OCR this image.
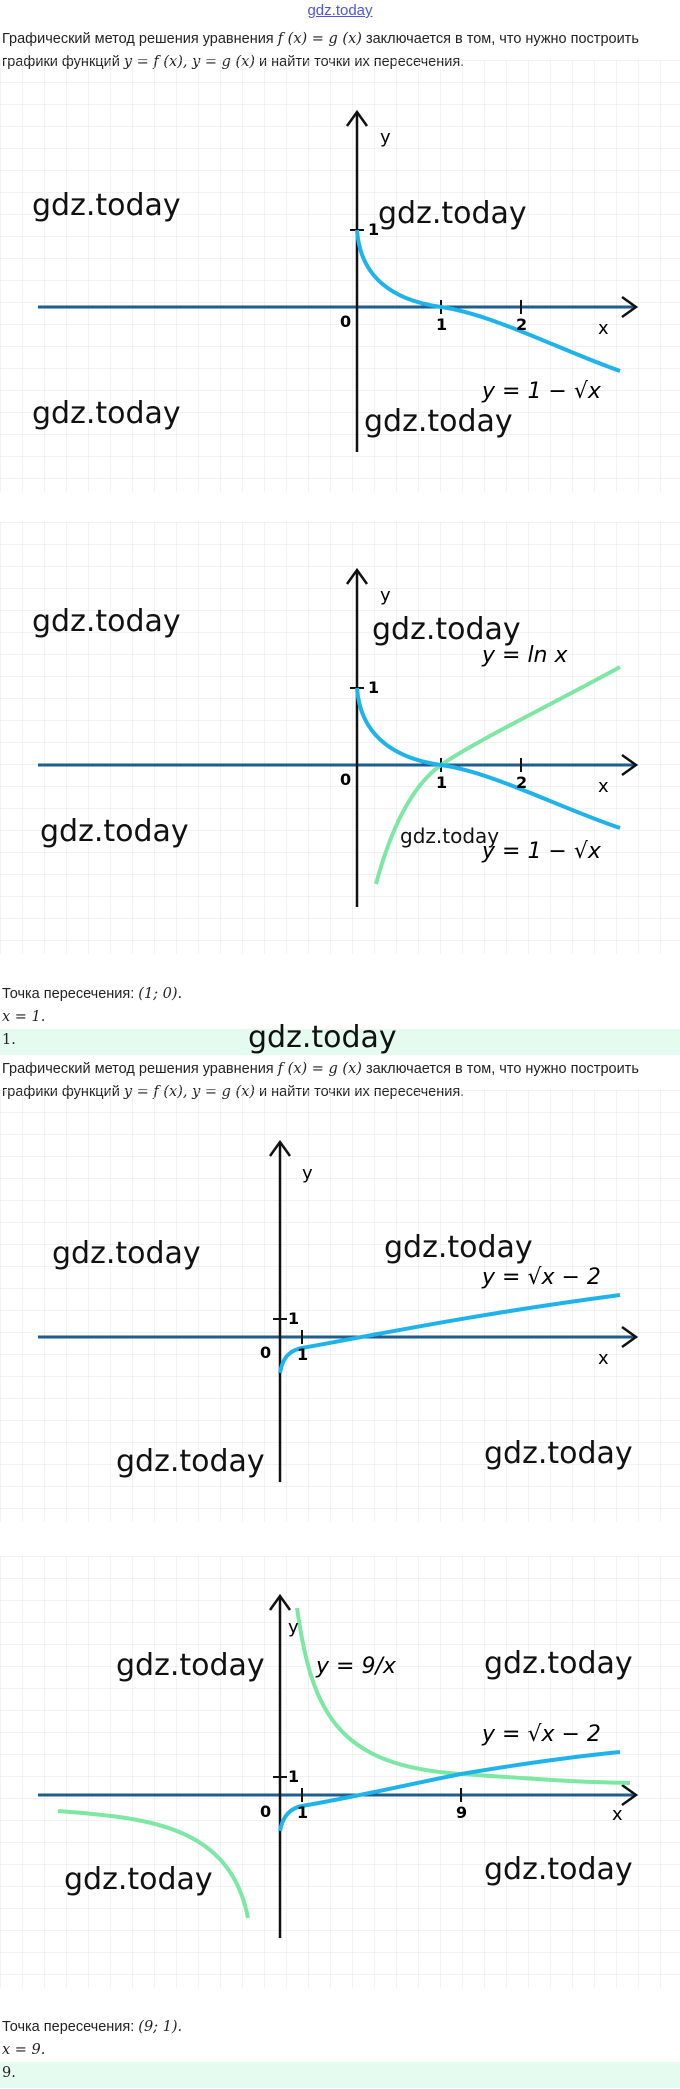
gdz.today
Графический метод решения уравнения f (x) = g (x) заключается в том, что нужно построить
y
x
0	1	2
1
y = 1 − √x
y
x
0	1	2
1
y = ln x
y = 1 − √x
Точка пересечения: (1; 0).
x = 1.
1.
Графический метод решения уравнения f (x) = g (x) заключается в том, что нужно построить
y
x
0 1
1
y = √x − 2
y
x
0 1	9
1
y = 9/x
y = √x − 2
Точка пересечения: (9; 1).
x = 9.
9.
gdz.today	gdz.today
gdz.today	gdz.today
gdz.today	gdz.today
gdz.today	gdz.today
gdz.today
gdz.today	gdz.today
gdz.today	gdz.today
gdz.today	gdz.today
gdz.today	gdz.today
